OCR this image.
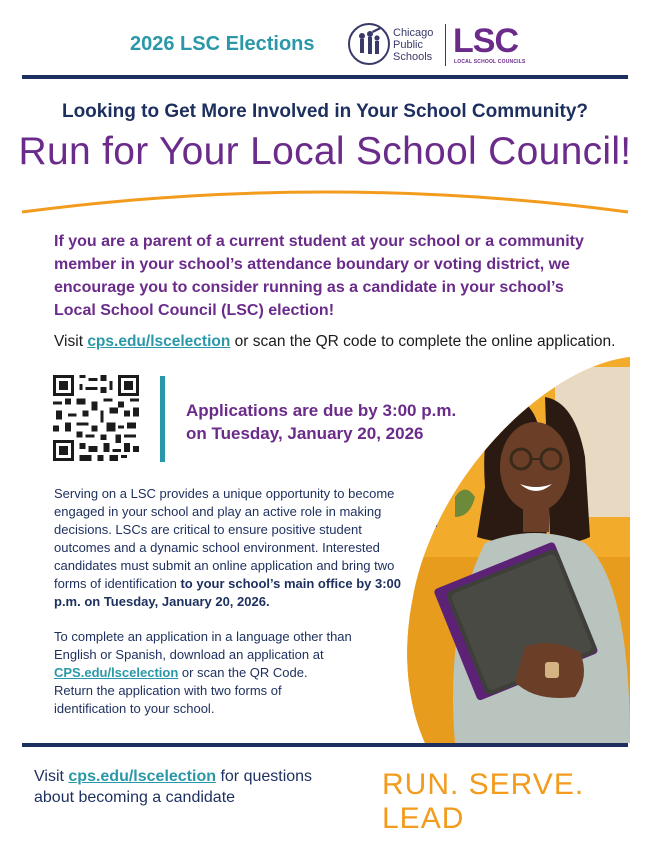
2026 LSC Elections	Chicago
Public
Schools LSC
LOCAL SCHOOL COUNCILS
Looking to Get More Involved in Your School Community?
Run for Your Local School Council!
If you are a parent of a current student at your school or a community member in your school’s attendance boundary or voting district, we encourage you to consider running as a candidate in your school’s Local School Council (LSC) election!
Visit cps.edu/lscelection or scan the QR code to complete the online application.
Applications are due by 3:00 p.m.
on Tuesday, January 20, 2026
Serving on a LSC provides a unique opportunity to become engaged in your school and play an active role in making decisions. LSCs are critical to ensure positive student outcomes and a dynamic school environment. Interested candidates must submit an online application and bring two forms of identification to your school’s main office by 3:00 p.m. on Tuesday, January 20, 2026.
To complete an application in a language other than
English or Spanish, download an application at
CPS.edu/lscelection or scan the QR Code.
Return the application with two forms of
identification to your school.
Visit cps.edu/lscelection for questions about becoming a candidate	RUN. SERVE. LEAD
